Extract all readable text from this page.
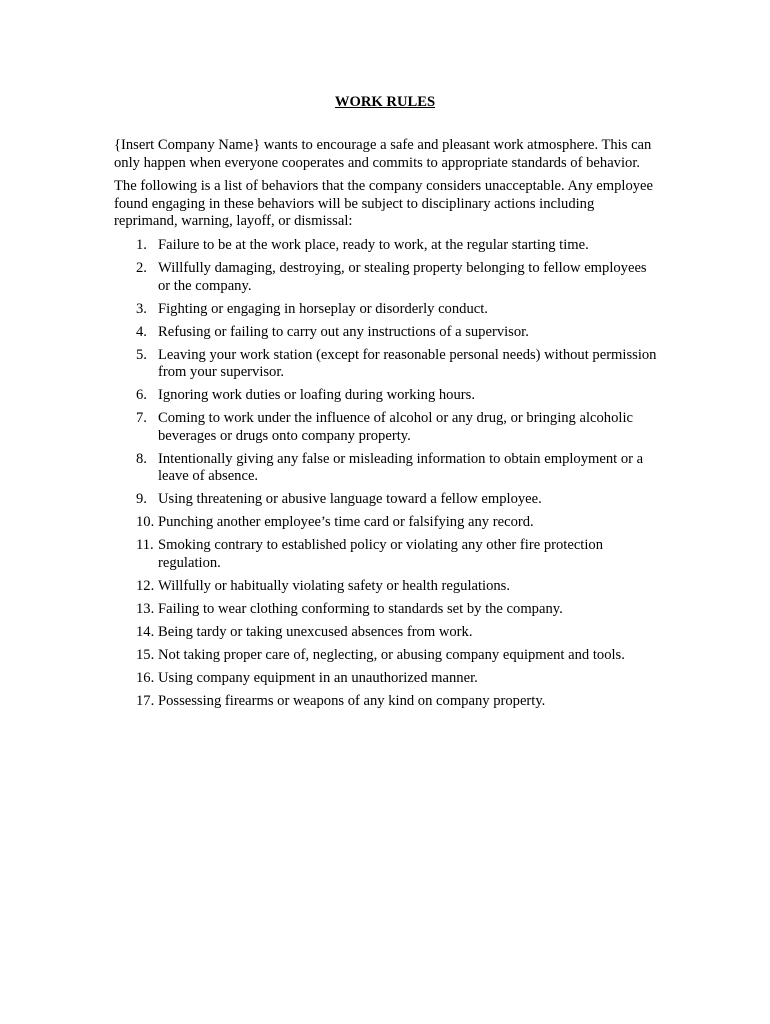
WORK RULES

{Insert Company Name} wants to encourage a safe and pleasant work atmosphere. This can only happen when everyone cooperates and commits to appropriate standards of behavior.

The following is a list of behaviors that the company considers unacceptable. Any employee found engaging in these behaviors will be subject to disciplinary actions including reprimand, warning, layoff, or dismissal:

1. Failure to be at the work place, ready to work, at the regular starting time.
2. Willfully damaging, destroying, or stealing property belonging to fellow employees or the company.
3. Fighting or engaging in horseplay or disorderly conduct.
4. Refusing or failing to carry out any instructions of a supervisor.
5. Leaving your work station (except for reasonable personal needs) without permission from your supervisor.
6. Ignoring work duties or loafing during working hours.
7. Coming to work under the influence of alcohol or any drug, or bringing alcoholic beverages or drugs onto company property.
8. Intentionally giving any false or misleading information to obtain employment or a leave of absence.
9. Using threatening or abusive language toward a fellow employee.
10. Punching another employee’s time card or falsifying any record.
11. Smoking contrary to established policy or violating any other fire protection regulation.
12. Willfully or habitually violating safety or health regulations.
13. Failing to wear clothing conforming to standards set by the company.
14. Being tardy or taking unexcused absences from work.
15. Not taking proper care of, neglecting, or abusing company equipment and tools.
16. Using company equipment in an unauthorized manner.
17. Possessing firearms or weapons of any kind on company property.
